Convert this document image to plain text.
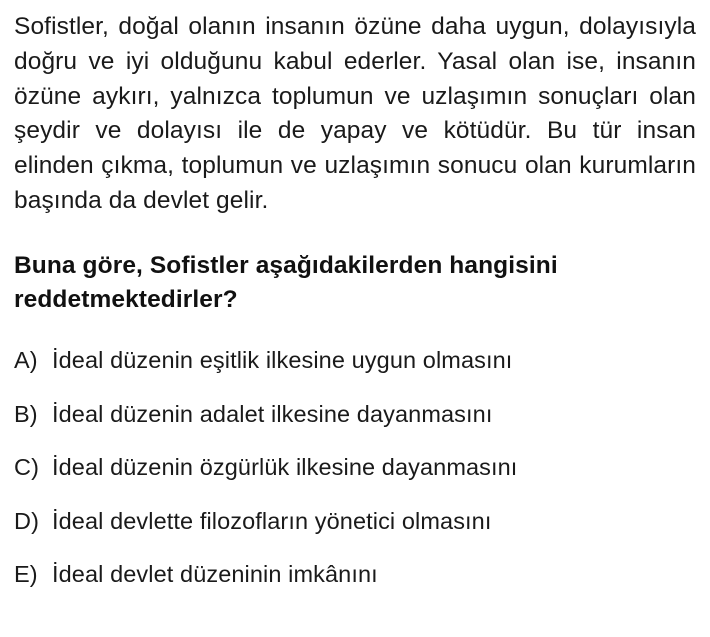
Sofistler, doğal olanın insanın özüne daha uygun, dolayısıyla doğru ve iyi olduğunu kabul ederler. Yasal olan ise, insanın özüne aykırı, yalnızca toplumun ve uzlaşımın sonuçları olan şeydir ve dolayısı ile de yapay ve kötüdür. Bu tür insan elinden çıkma, toplumun ve uzlaşımın sonucu olan kurumların başında da devlet gelir.

Buna göre, Sofistler aşağıdakilerden hangisini reddetmektedirler?

A) İdeal düzenin eşitlik ilkesine uygun olmasını
B) İdeal düzenin adalet ilkesine dayanmasını
C) İdeal düzenin özgürlük ilkesine dayanmasını
D) İdeal devlette filozofların yönetici olmasını
E) İdeal devlet düzeninin imkânını
